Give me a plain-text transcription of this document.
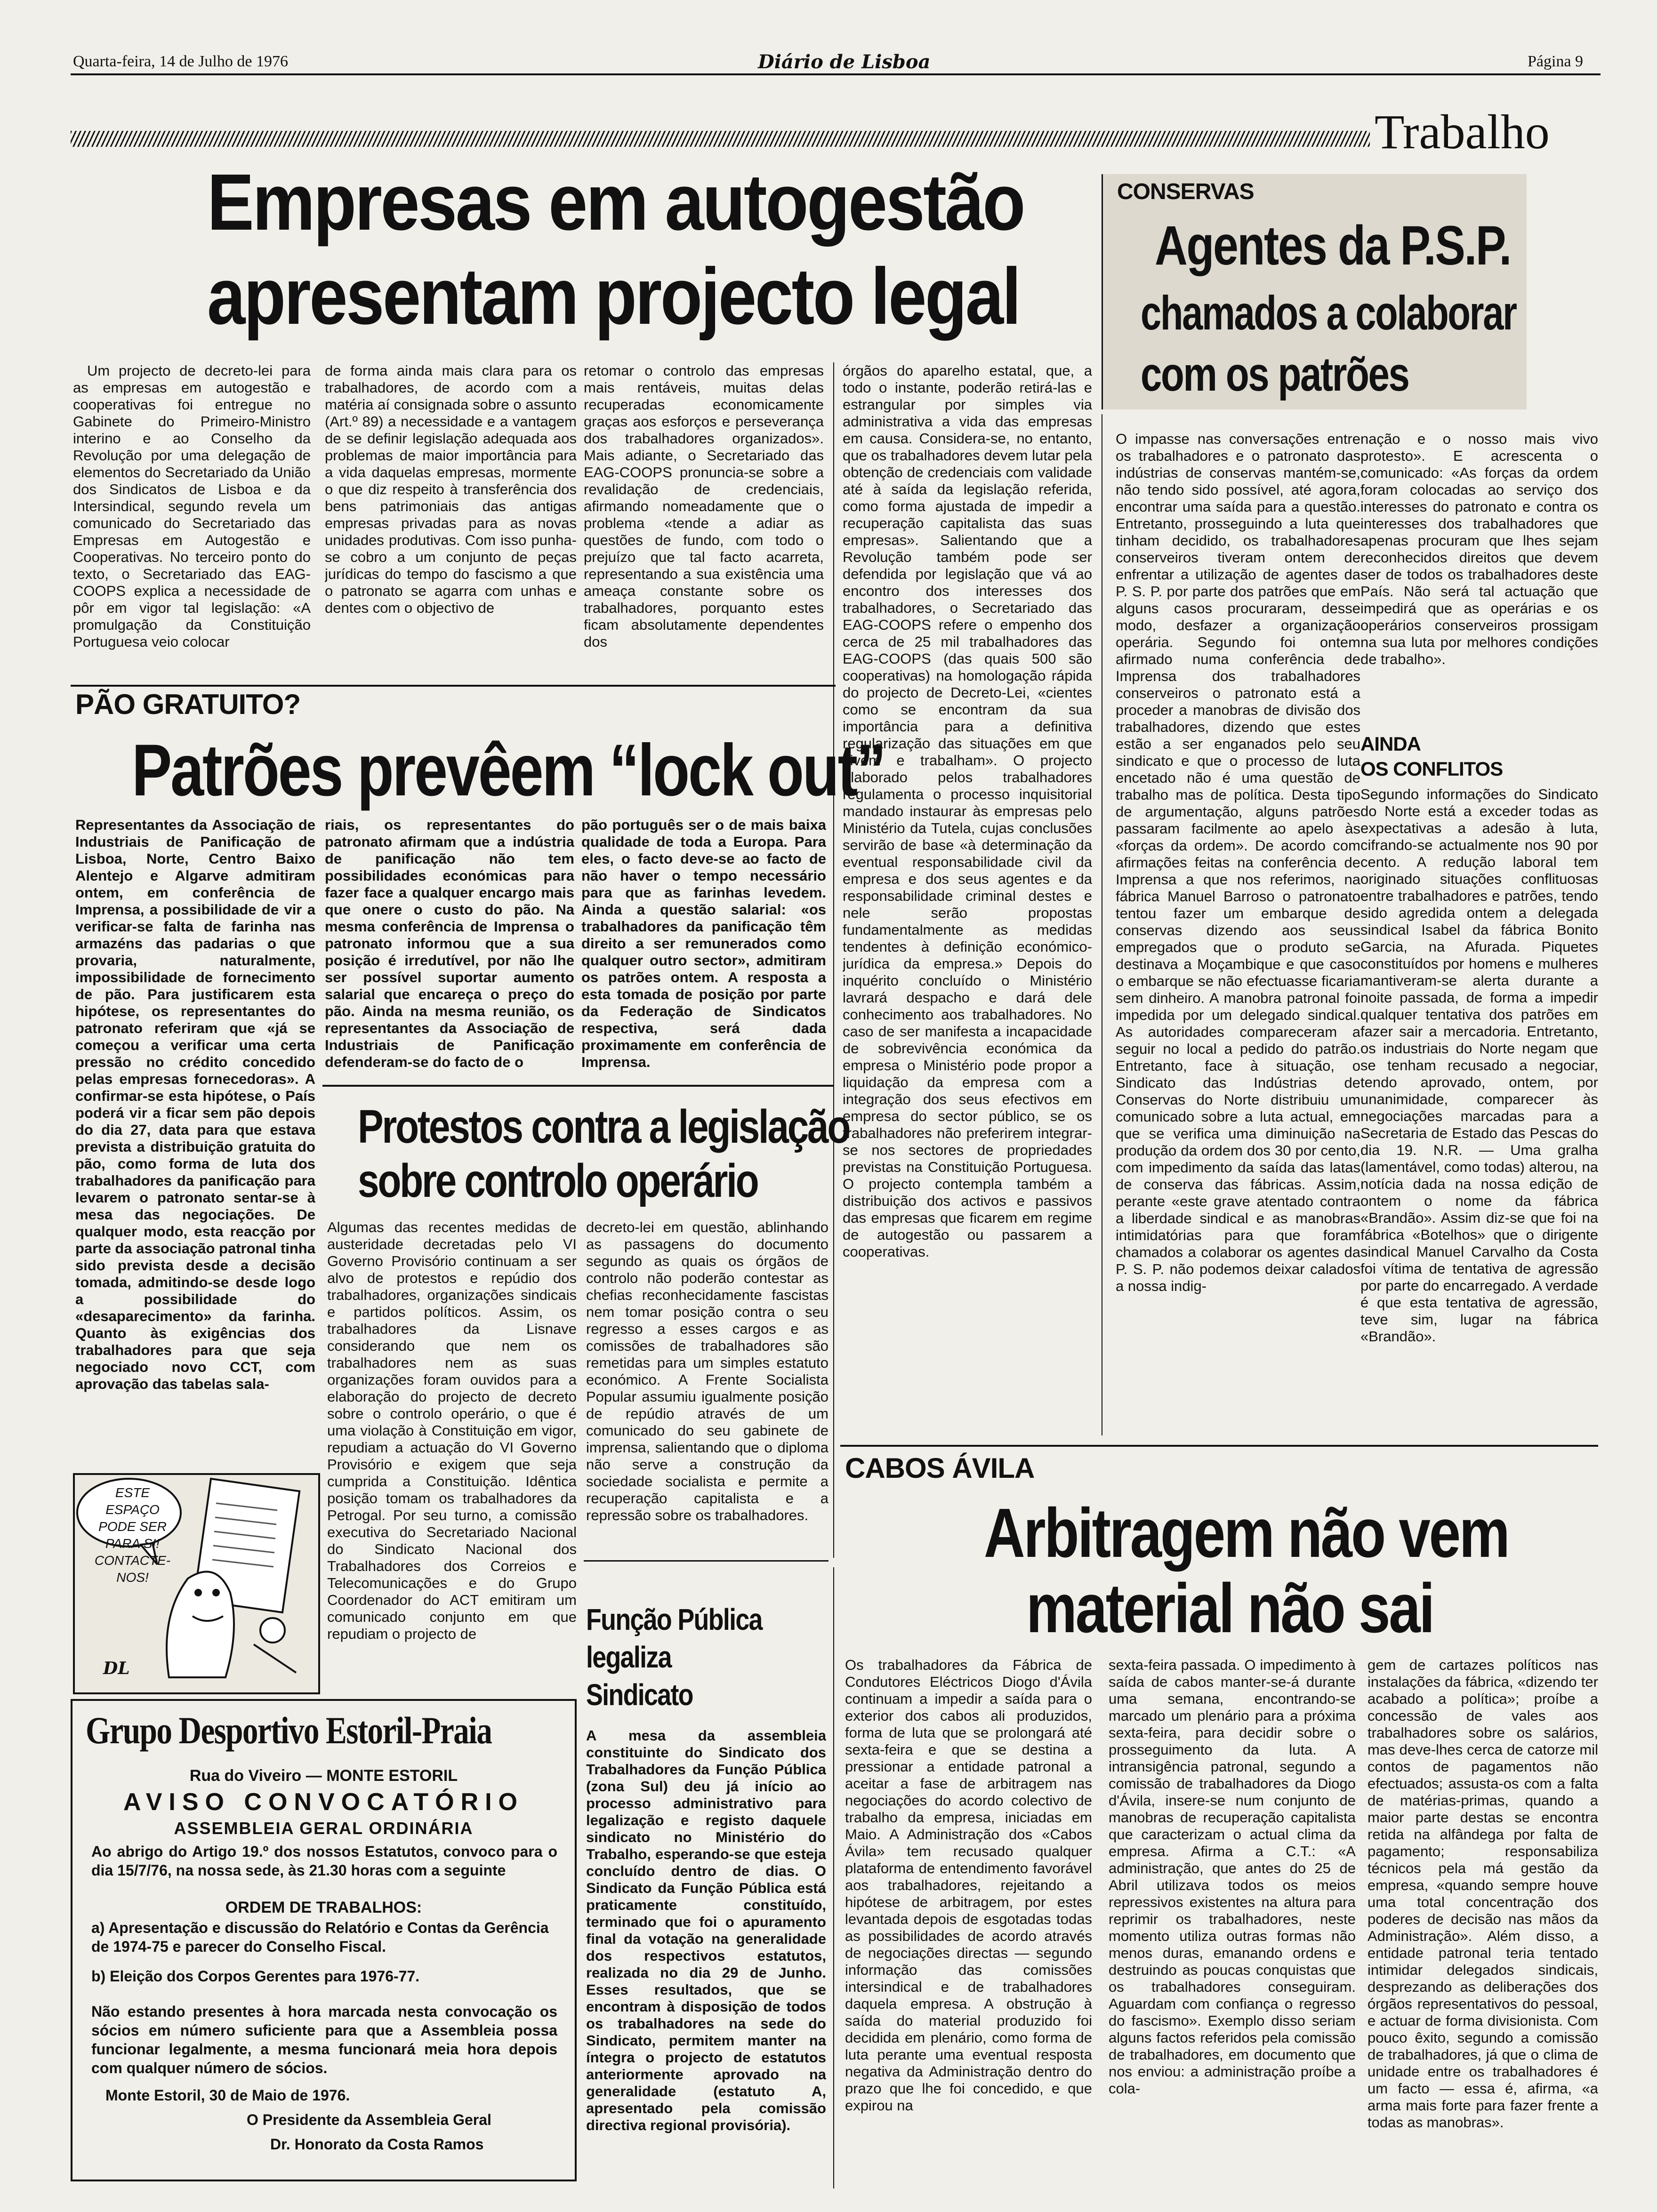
Quarta-feira, 14 de Julho de 1976	Diário de Lisboa	Página 9
Trabalho
Empresas em autogestão
apresentam projecto legal
Um projecto de decreto-lei para as empresas em autogestão e cooperativas foi entregue no Gabinete do Primeiro-Ministro interino e ao Conselho da Revolução por uma delegação de elementos do Secretariado da União dos Sindicatos de Lisboa e da Intersindical, segundo revela um comunicado do Secretariado das Empresas em Autogestão e Cooperativas. No terceiro ponto do texto, o Secretariado das EAG-COOPS explica a necessidade de pôr em vigor tal legislação: «A promulgação da Constituição Portuguesa veio colocar
de forma ainda mais clara para os trabalhadores, de acordo com a matéria aí consignada sobre o assunto (Art.º 89) a necessidade e a vantagem de se definir legislação adequada aos problemas de maior importância para a vida daquelas empresas, mormente o que diz respeito à transferência dos bens patrimoniais das antigas empresas privadas para as novas unidades produtivas. Com isso punha-se cobro a um conjunto de peças jurídicas do tempo do fascismo a que o patronato se agarra com unhas e dentes com o objectivo de
retomar o controlo das empresas mais rentáveis, muitas delas recuperadas economicamente graças aos esforços e perseverança dos trabalhadores organizados». Mais adiante, o Secretariado das EAG-COOPS pronuncia-se sobre a revalidação de credenciais, afirmando nomeadamente que o problema «tende a adiar as questões de fundo, com todo o prejuízo que tal facto acarreta, representando a sua existência uma ameaça constante sobre os trabalhadores, porquanto estes ficam absolutamente dependentes dos
órgãos do aparelho estatal, que, a todo o instante, poderão retirá-las e estrangular por simples via administrativa a vida das empresas em causa. Considera-se, no entanto, que os trabalhadores devem lutar pela obtenção de credenciais com validade até à saída da legislação referida, como forma ajustada de impedir a recuperação capitalista das suas empresas». Salientando que a Revolução também pode ser defendida por legislação que vá ao encontro dos interesses dos trabalhadores, o Secretariado das EAG-COOPS refere o empenho dos cerca de 25 mil trabalhadores das EAG-COOPS (das quais 500 são cooperativas) na homologação rápida do projecto de Decreto-Lei, «cientes como se encontram da sua importância para a definitiva regularização das situações em que vivem e trabalham». O projecto elaborado pelos trabalhadores regulamenta o processo inquisitorial mandado instaurar às empresas pelo Ministério da Tutela, cujas conclusões servirão de base «à determinação da eventual responsabilidade civil da empresa e dos seus agentes e da responsabilidade criminal destes e nele serão propostas fundamentalmente as medidas tendentes à definição económico-jurídica da empresa.» Depois do inquérito concluído o Ministério lavrará despacho e dará dele conhecimento aos trabalhadores. No caso de ser manifesta a incapacidade de sobrevivência económica da empresa o Ministério pode propor a liquidação da empresa com a integração dos seus efectivos em empresa do sector público, se os trabalhadores não preferirem integrar-se nos sectores de propriedades previstas na Constituição Portuguesa. O projecto contempla também a distribuição dos activos e passivos das empresas que ficarem em regime de autogestão ou passarem a cooperativas.
PÃO GRATUITO?
Patrões prevêem “lock out”
Representantes da Associação de Industriais de Panificação de Lisboa, Norte, Centro Baixo Alentejo e Algarve admitiram ontem, em conferência de Imprensa, a possibilidade de vir a verificar-se falta de farinha nas armazéns das padarias o que provaria, naturalmente, impossibilidade de fornecimento de pão. Para justificarem esta hipótese, os representantes do patronato referiram que «já se começou a verificar uma certa pressão no crédito concedido pelas empresas fornecedoras». A confirmar-se esta hipótese, o País poderá vir a ficar sem pão depois do dia 27, data para que estava prevista a distribuição gratuita do pão, como forma de luta dos trabalhadores da panificação para levarem o patronato sentar-se à mesa das negociações. De qualquer modo, esta reacção por parte da associação patronal tinha sido prevista desde a decisão tomada, admitindo-se desde logo a possibilidade do «desaparecimento» da farinha. Quanto às exigências dos trabalhadores para que seja negociado novo CCT, com aprovação das tabelas sala-
riais, os representantes do patronato afirmam que a indústria de panificação não tem possibilidades económicas para fazer face a qualquer encargo mais que onere o custo do pão. Na mesma conferência de Imprensa o patronato informou que a sua posição é irredutível, por não lhe ser possível suportar aumento salarial que encareça o preço do pão. Ainda na mesma reunião, os representantes da Associação de Industriais de Panificação defenderam-se do facto de o
pão português ser o de mais baixa qualidade de toda a Europa. Para eles, o facto deve-se ao facto de não haver o tempo necessário para que as farinhas levedem. Ainda a questão salarial: «os trabalhadores da panificação têm direito a ser remunerados como qualquer outro sector», admitiram os patrões ontem. A resposta a esta tomada de posição por parte da Federação de Sindicatos respectiva, será dada proximamente em conferência de Imprensa.
Protestos contra a legislação
sobre controlo operário
Algumas das recentes medidas de austeridade decretadas pelo VI Governo Provisório continuam a ser alvo de protestos e repúdio dos trabalhadores, organizações sindicais e partidos políticos. Assim, os trabalhadores da Lisnave considerando que nem os trabalhadores nem as suas organizações foram ouvidos para a elaboração do projecto de decreto sobre o controlo operário, o que é uma violação à Constituição em vigor, repudiam a actuação do VI Governo Provisório e exigem que seja cumprida a Constituição. Idêntica posição tomam os trabalhadores da Petrogal. Por seu turno, a comissão executiva do Secretariado Nacional do Sindicato Nacional dos Trabalhadores dos Correios e Telecomunicações e do Grupo Coordenador do ACT emitiram um comunicado conjunto em que repudiam o projecto de
decreto-lei em questão, ablinhando as passagens do documento segundo as quais os órgãos de controlo não poderão contestar as chefias reconhecidamente fascistas nem tomar posição contra o seu regresso a esses cargos e as comissões de trabalhadores são remetidas para um simples estatuto económico. A Frente Socialista Popular assumiu igualmente posição de repúdio através de um comunicado do seu gabinete de imprensa, salientando que o diploma não serve a construção da sociedade socialista e permite a recuperação capitalista e a repressão sobre os trabalhadores.
ESTE ESPAÇO PODE SER PARA SI! CONTACTE-NOS!
DL
Grupo Desportivo Estoril-Praia
Rua do Viveiro — MONTE ESTORIL
AVISO CONVOCATÓRIO
ASSEMBLEIA GERAL ORDINÁRIA
Ao abrigo do Artigo 19.º dos nossos Estatutos, convoco para o dia 15/7/76, na nossa sede, às 21.30 horas com a seguinte
ORDEM DE TRABALHOS:
a) Apresentação e discussão do Relatório e Contas da Gerência de 1974-75 e parecer do Conselho Fiscal.
b) Eleição dos Corpos Gerentes para 1976-77.
Não estando presentes à hora marcada nesta convocação os sócios em número suficiente para que a Assembleia possa funcionar legalmente, a mesma funcionará meia hora depois com qualquer número de sócios.
Monte Estoril, 30 de Maio de 1976.
O Presidente da Assembleia Geral
Dr. Honorato da Costa Ramos
Função Pública
legaliza
Sindicato
A mesa da assembleia constituinte do Sindicato dos Trabalhadores da Função Pública (zona Sul) deu já início ao processo administrativo para legalização e registo daquele sindicato no Ministério do Trabalho, esperando-se que esteja concluído dentro de dias. O Sindicato da Função Pública está praticamente constituído, terminado que foi o apuramento final da votação na generalidade dos respectivos estatutos, realizada no dia 29 de Junho. Esses resultados, que se encontram à disposição de todos os trabalhadores na sede do Sindicato, permitem manter na íntegra o projecto de estatutos anteriormente aprovado na generalidade (estatuto A, apresentado pela comissão directiva regional provisória).
CONSERVAS
Agentes da P.S.P.
chamados a colaborar
com os patrões
O impasse nas conversações entre os trabalhadores e o patronato das indústrias de conservas mantém-se, não tendo sido possível, até agora, encontrar uma saída para a questão. Entretanto, prosseguindo a luta que tinham decidido, os trabalhadores conserveiros tiveram ontem de enfrentar a utilização de agentes da P. S. P. por parte dos patrões que em alguns casos procuraram, desse modo, desfazer a organização operária. Segundo foi ontem afirmado numa conferência de Imprensa dos trabalhadores conserveiros o patronato está a proceder a manobras de divisão dos trabalhadores, dizendo que estes estão a ser enganados pelo seu sindicato e que o processo de luta encetado não é uma questão de trabalho mas de política. Desta tipo de argumentação, alguns patrões passaram facilmente ao apelo às «forças da ordem». De acordo com afirmações feitas na conferência de Imprensa a que nos referimos, na fábrica Manuel Barroso o patronato tentou fazer um embarque de conservas dizendo aos seus empregados que o produto se destinava a Moçambique e que caso o embarque se não efectuasse ficaria sem dinheiro. A manobra patronal foi impedida por um delegado sindical. As autoridades compareceram a seguir no local a pedido do patrão. Entretanto, face à situação, o Sindicato das Indústrias de Conservas do Norte distribuiu um comunicado sobre a luta actual, em que se verifica uma diminuição na produção da ordem dos 30 por cento, com impedimento da saída das latas de conserva das fábricas. Assim, perante «este grave atentado contra a liberdade sindical e as manobras intimidatórias para que foram chamados a colaborar os agentes da P. S. P. não podemos deixar calados a nossa indig-
nação e o nosso mais vivo protesto». E acrescenta o comunicado: «As forças da ordem foram colocadas ao serviço dos interesses do patronato e contra os interesses dos trabalhadores que apenas procuram que lhes sejam reconhecidos direitos que devem ser de todos os trabalhadores deste País. Não será tal actuação que impedirá que as operárias e os operários conserveiros prossigam na sua luta por melhores condições de trabalho».
AINDA
OS CONFLITOS
Segundo informações do Sindicato do Norte está a exceder todas as expectativas a adesão à luta, cifrando-se actualmente nos 90 por cento. A redução laboral tem originado situações conflituosas entre trabalhadores e patrões, tendo sido agredida ontem a delegada sindical Isabel da fábrica Bonito Garcia, na Afurada. Piquetes constituídos por homens e mulheres mantiveram-se alerta durante a noite passada, de forma a impedir qualquer tentativa dos patrões em fazer sair a mercadoria. Entretanto, os industriais do Norte negam que se tenham recusado a negociar, tendo aprovado, ontem, por unanimidade, comparecer às negociações marcadas para a Secretaria de Estado das Pescas do dia 19. N.R. — Uma gralha (lamentável, como todas) alterou, na notícia dada na nossa edição de ontem o nome da fábrica «Brandão». Assim diz-se que foi na fábrica «Botelhos» que o dirigente sindical Manuel Carvalho da Costa foi vítima de tentativa de agressão por parte do encarregado. A verdade é que esta tentativa de agressão, teve sim, lugar na fábrica «Brandão».
CABOS ÁVILA
Arbitragem não vem
material não sai
Os trabalhadores da Fábrica de Condutores Eléctricos Diogo d'Ávila continuam a impedir a saída para o exterior dos cabos ali produzidos, forma de luta que se prolongará até sexta-feira e que se destina a pressionar a entidade patronal a aceitar a fase de arbitragem nas negociações do acordo colectivo de trabalho da empresa, iniciadas em Maio. A Administração dos «Cabos Ávila» tem recusado qualquer plataforma de entendimento favorável aos trabalhadores, rejeitando a hipótese de arbitragem, por estes levantada depois de esgotadas todas as possibilidades de acordo através de negociações directas — segundo informação das comissões intersindical e de trabalhadores daquela empresa. A obstrução à saída do material produzido foi decidida em plenário, como forma de luta perante uma eventual resposta negativa da Administração dentro do prazo que lhe foi concedido, e que expirou na
sexta-feira passada. O impedimento à saída de cabos manter-se-á durante uma semana, encontrando-se marcado um plenário para a próxima sexta-feira, para decidir sobre o prosseguimento da luta. A intransigência patronal, segundo a comissão de trabalhadores da Diogo d'Ávila, insere-se num conjunto de manobras de recuperação capitalista que caracterizam o actual clima da empresa. Afirma a C.T.: «A administração, que antes do 25 de Abril utilizava todos os meios repressivos existentes na altura para reprimir os trabalhadores, neste momento utiliza outras formas não menos duras, emanando ordens e destruindo as poucas conquistas que os trabalhadores conseguiram. Aguardam com confiança o regresso do fascismo». Exemplo disso seriam alguns factos referidos pela comissão de trabalhadores, em documento que nos enviou: a administração proíbe a cola-
gem de cartazes políticos nas instalações da fábrica, «dizendo ter acabado a política»; proíbe a concessão de vales aos trabalhadores sobre os salários, mas deve-lhes cerca de catorze mil contos de pagamentos não efectuados; assusta-os com a falta de matérias-primas, quando a maior parte destas se encontra retida na alfândega por falta de pagamento; responsabiliza técnicos pela má gestão da empresa, «quando sempre houve uma total concentração dos poderes de decisão nas mãos da Administração». Além disso, a entidade patronal teria tentado intimidar delegados sindicais, desprezando as deliberações dos órgãos representativos do pessoal, e actuar de forma divisionista. Com pouco êxito, segundo a comissão de trabalhadores, já que o clima de unidade entre os trabalhadores é um facto — essa é, afirma, «a arma mais forte para fazer frente a todas as manobras».
